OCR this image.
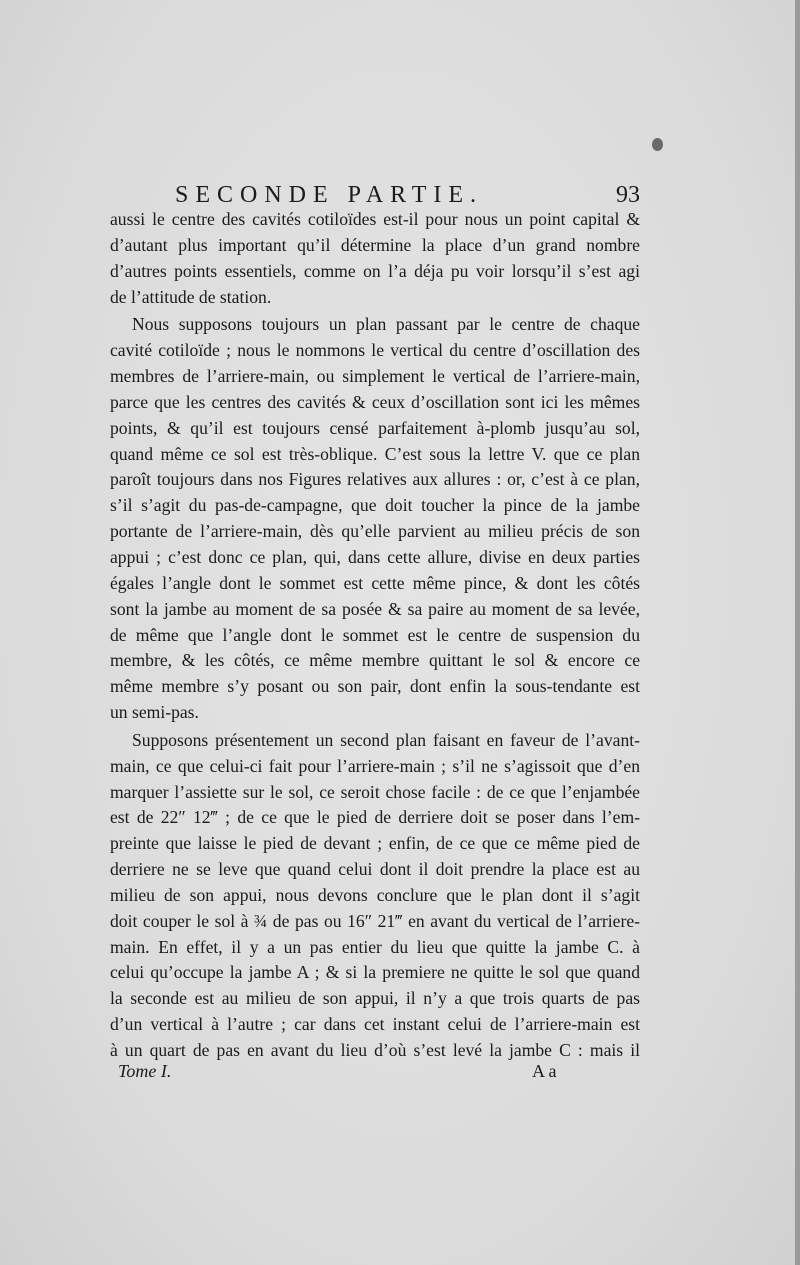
SECONDE PARTIE.	93
aussi le centre des cavités cotiloïdes est-il pour nous un point capital &
d’autant plus important qu’il détermine la place d’un grand nombre
d’autres points essentiels, comme on l’a déja pu voir lorsqu’il s’est agi
de l’attitude de station.
Nous supposons toujours un plan passant par le centre de chaque
cavité cotiloïde ; nous le nommons le vertical du centre d’oscillation des
membres de l’arriere-main, ou simplement le vertical de l’arriere-main,
parce que les centres des cavités & ceux d’oscillation sont ici les mêmes
points, & qu’il est toujours censé parfaitement à-plomb jusqu’au sol,
quand même ce sol est très-oblique. C’est sous la lettre V. que ce plan
paroît toujours dans nos Figures relatives aux allures : or, c’est à ce plan,
s’il s’agit du pas-de-campagne, que doit toucher la pince de la jambe
portante de l’arriere-main, dès qu’elle parvient au milieu précis de son
appui ; c’est donc ce plan, qui, dans cette allure, divise en deux parties
égales l’angle dont le sommet est cette même pince, & dont les côtés
sont la jambe au moment de sa posée & sa paire au moment de sa levée,
de même que l’angle dont le sommet est le centre de suspension du
membre, & les côtés, ce même membre quittant le sol & encore ce
même membre s’y posant ou son pair, dont enfin la sous-tendante est
un semi-pas.
Supposons présentement un second plan faisant en faveur de l’avant-
main, ce que celui-ci fait pour l’arriere-main ; s’il ne s’agissoit que d’en
marquer l’assiette sur le sol, ce seroit chose facile : de ce que l’enjambée
est de 22″ 12‴ ; de ce que le pied de derriere doit se poser dans l’em-
preinte que laisse le pied de devant ; enfin, de ce que ce même pied de
derriere ne se leve que quand celui dont il doit prendre la place est au
milieu de son appui, nous devons conclure que le plan dont il s’agit
doit couper le sol à ¾ de pas ou 16″ 21‴ en avant du vertical de l’arriere-
main. En effet, il y a un pas entier du lieu que quitte la jambe C. à
celui qu’occupe la jambe A ; & si la premiere ne quitte le sol que quand
la seconde est au milieu de son appui, il n’y a que trois quarts de pas
d’un vertical à l’autre ; car dans cet instant celui de l’arriere-main est
à un quart de pas en avant du lieu d’où s’est levé la jambe C : mais il
Tome I.	A a
